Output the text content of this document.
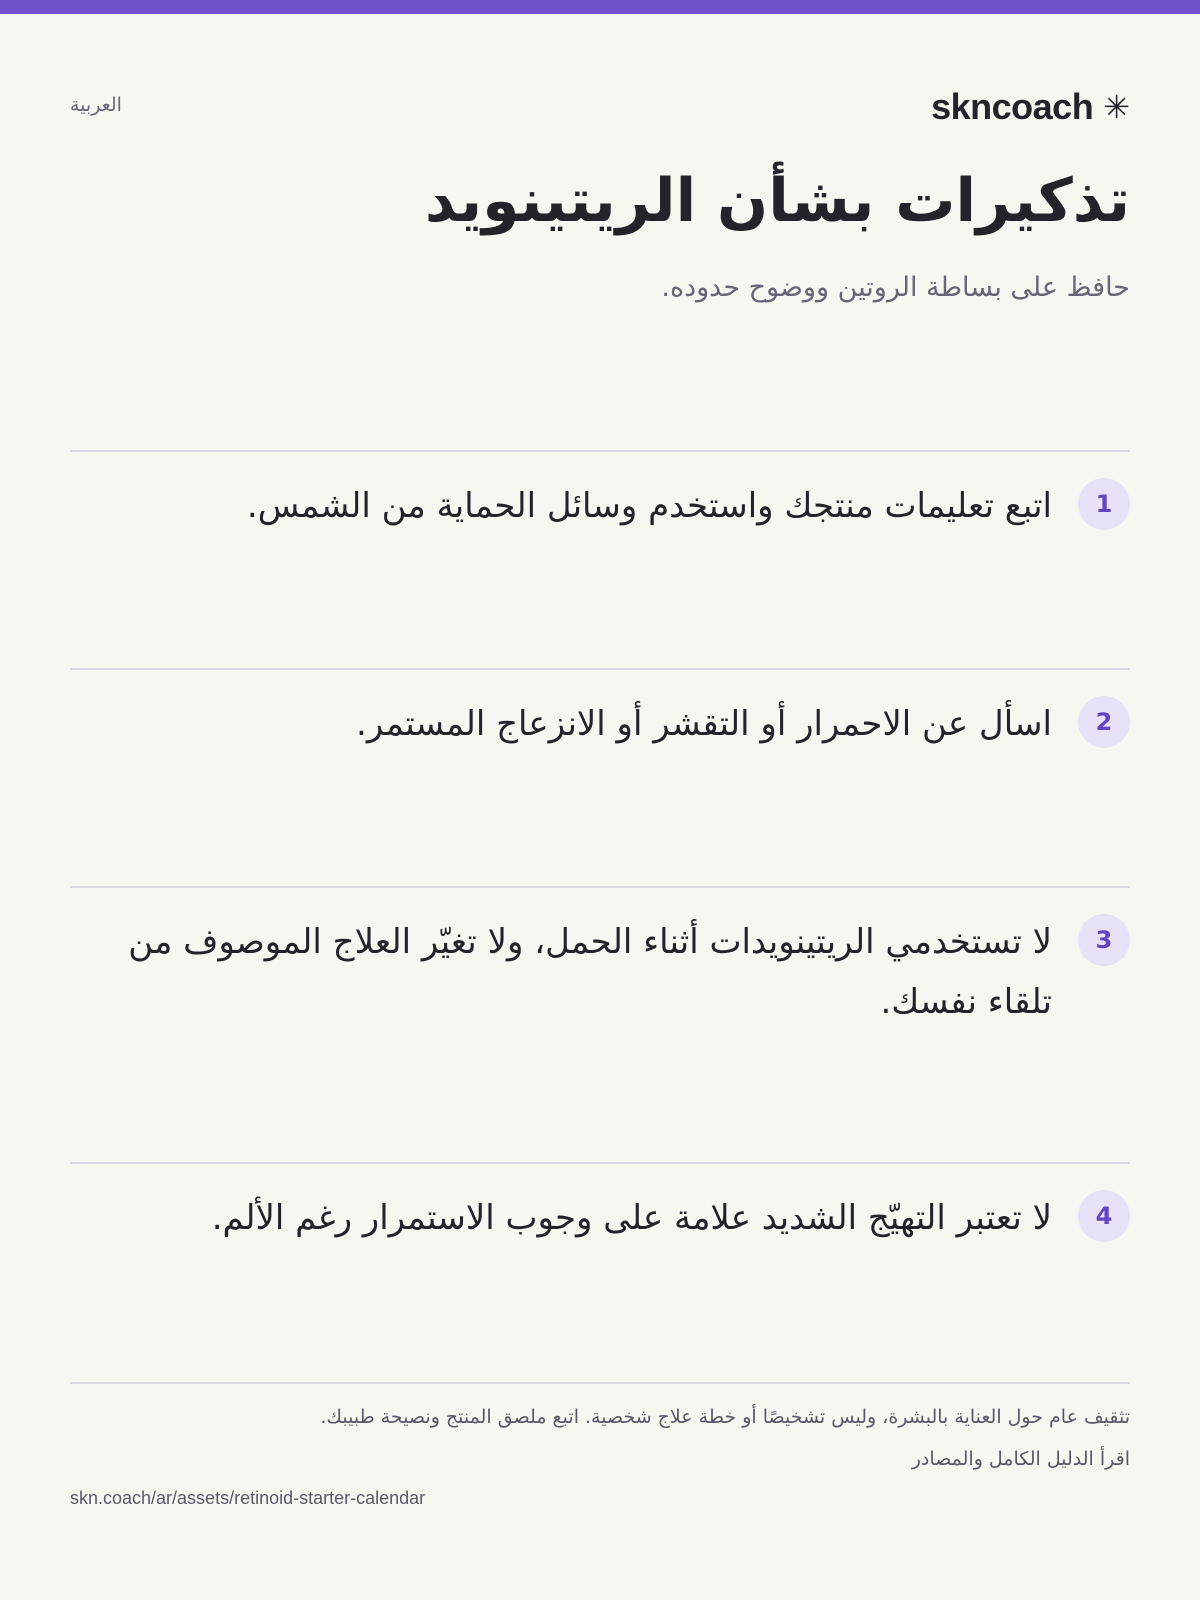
العربية	skncoach ✳
تذكيرات بشأن الريتينويد
حافظ على بساطة الروتين ووضوح حدوده.
1
اتبع تعليمات منتجك واستخدم وسائل الحماية من الشمس.
2
اسأل عن الاحمرار أو التقشر أو الانزعاج المستمر.
3
لا تستخدمي الريتينويدات أثناء الحمل، ولا تغيّر العلاج الموصوف من تلقاء نفسك.
4
لا تعتبر التهيّج الشديد علامة على وجوب الاستمرار رغم الألم.
تثقيف عام حول العناية بالبشرة، وليس تشخيصًا أو خطة علاج شخصية. اتبع ملصق المنتج ونصيحة طبيبك.
اقرأ الدليل الكامل والمصادر
skn.coach/ar/assets/retinoid-starter-calendar
